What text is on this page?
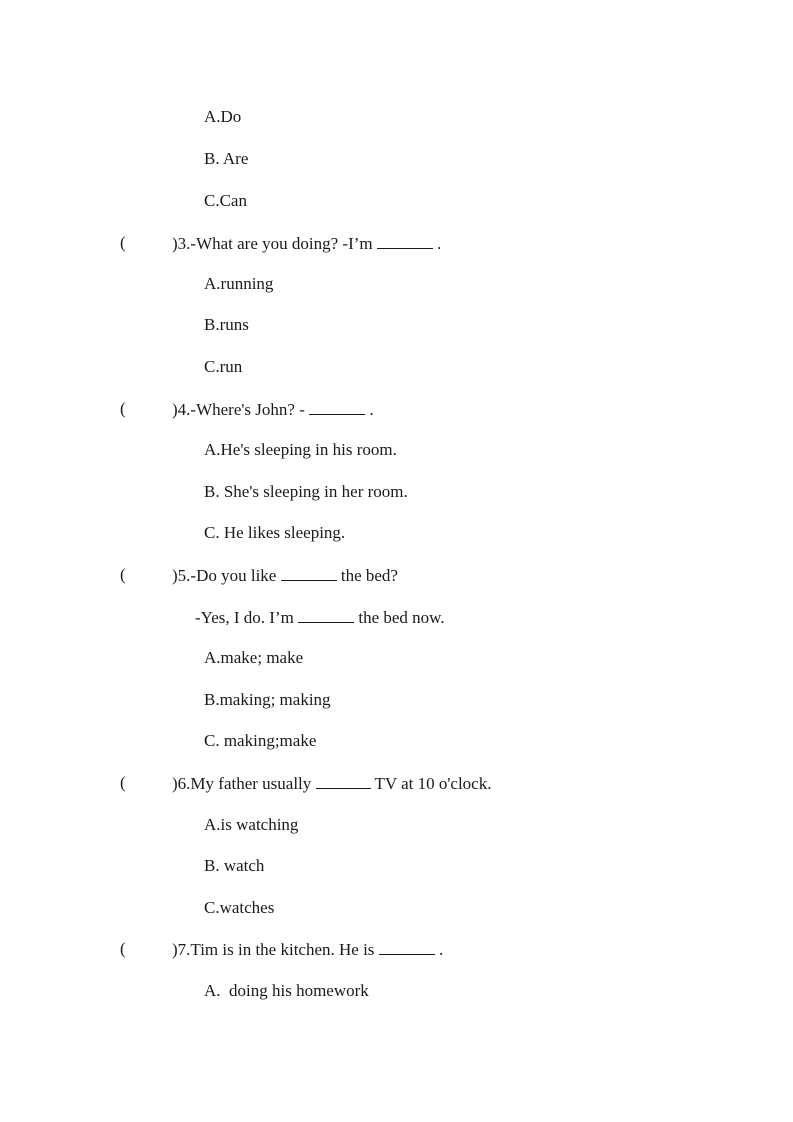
A.Do
B. Are
C.Can
(	)3.-What are you doing? -I’m	.
A.running
B.runs
C.run
(	)4.-Where's John? -	.
A.He's sleeping in his room.
B. She's sleeping in her room.
C. He likes sleeping.
(	)5.-Do you like	the bed?
-Yes, I do. I’m	the bed now.
A.make; make
B.making; making
C. making;make
(	)6.My father usually	TV at 10 o'clock.
A.is watching
B. watch
C.watches
(	)7.Tim is in the kitchen. He is	.
A.  doing his homework
